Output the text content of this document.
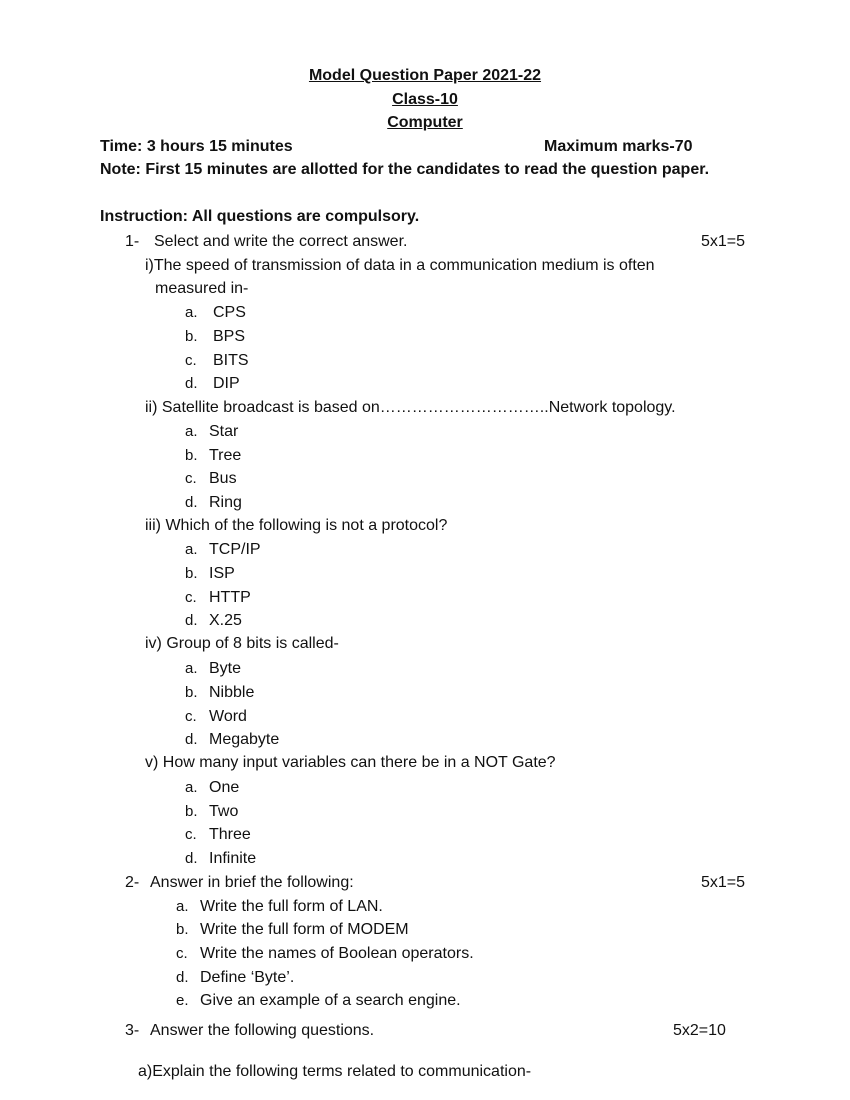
Model Question Paper 2021-22
Class-10
Computer
Time: 3 hours 15 minutes	Maximum marks-70
Note: First 15 minutes are allotted for the candidates to read the question paper.
Instruction: All questions are compulsory.
1- Select and write the correct answer.	5x1=5
i)The speed of transmission of data in a communication medium is often
measured in-
a. CPS
b. BPS
c. BITS
d. DIP
ii) Satellite broadcast is based on…………………………..Network topology.
a. Star
b. Tree
c. Bus
d. Ring
iii) Which of the following is not a protocol?
a. TCP/IP
b. ISP
c. HTTP
d. X.25
iv) Group of 8 bits is called-
a. Byte
b. Nibble
c. Word
d. Megabyte
v) How many input variables can there be in a NOT Gate?
a. One
b. Two
c. Three
d. Infinite
2- Answer in brief the following:	5x1=5
a. Write the full form of LAN.
b. Write the full form of MODEM
c. Write the names of Boolean operators.
d. Define ‘Byte’.
e. Give an example of a search engine.
3- Answer the following questions.	5x2=10
a)Explain the following terms related to communication-
